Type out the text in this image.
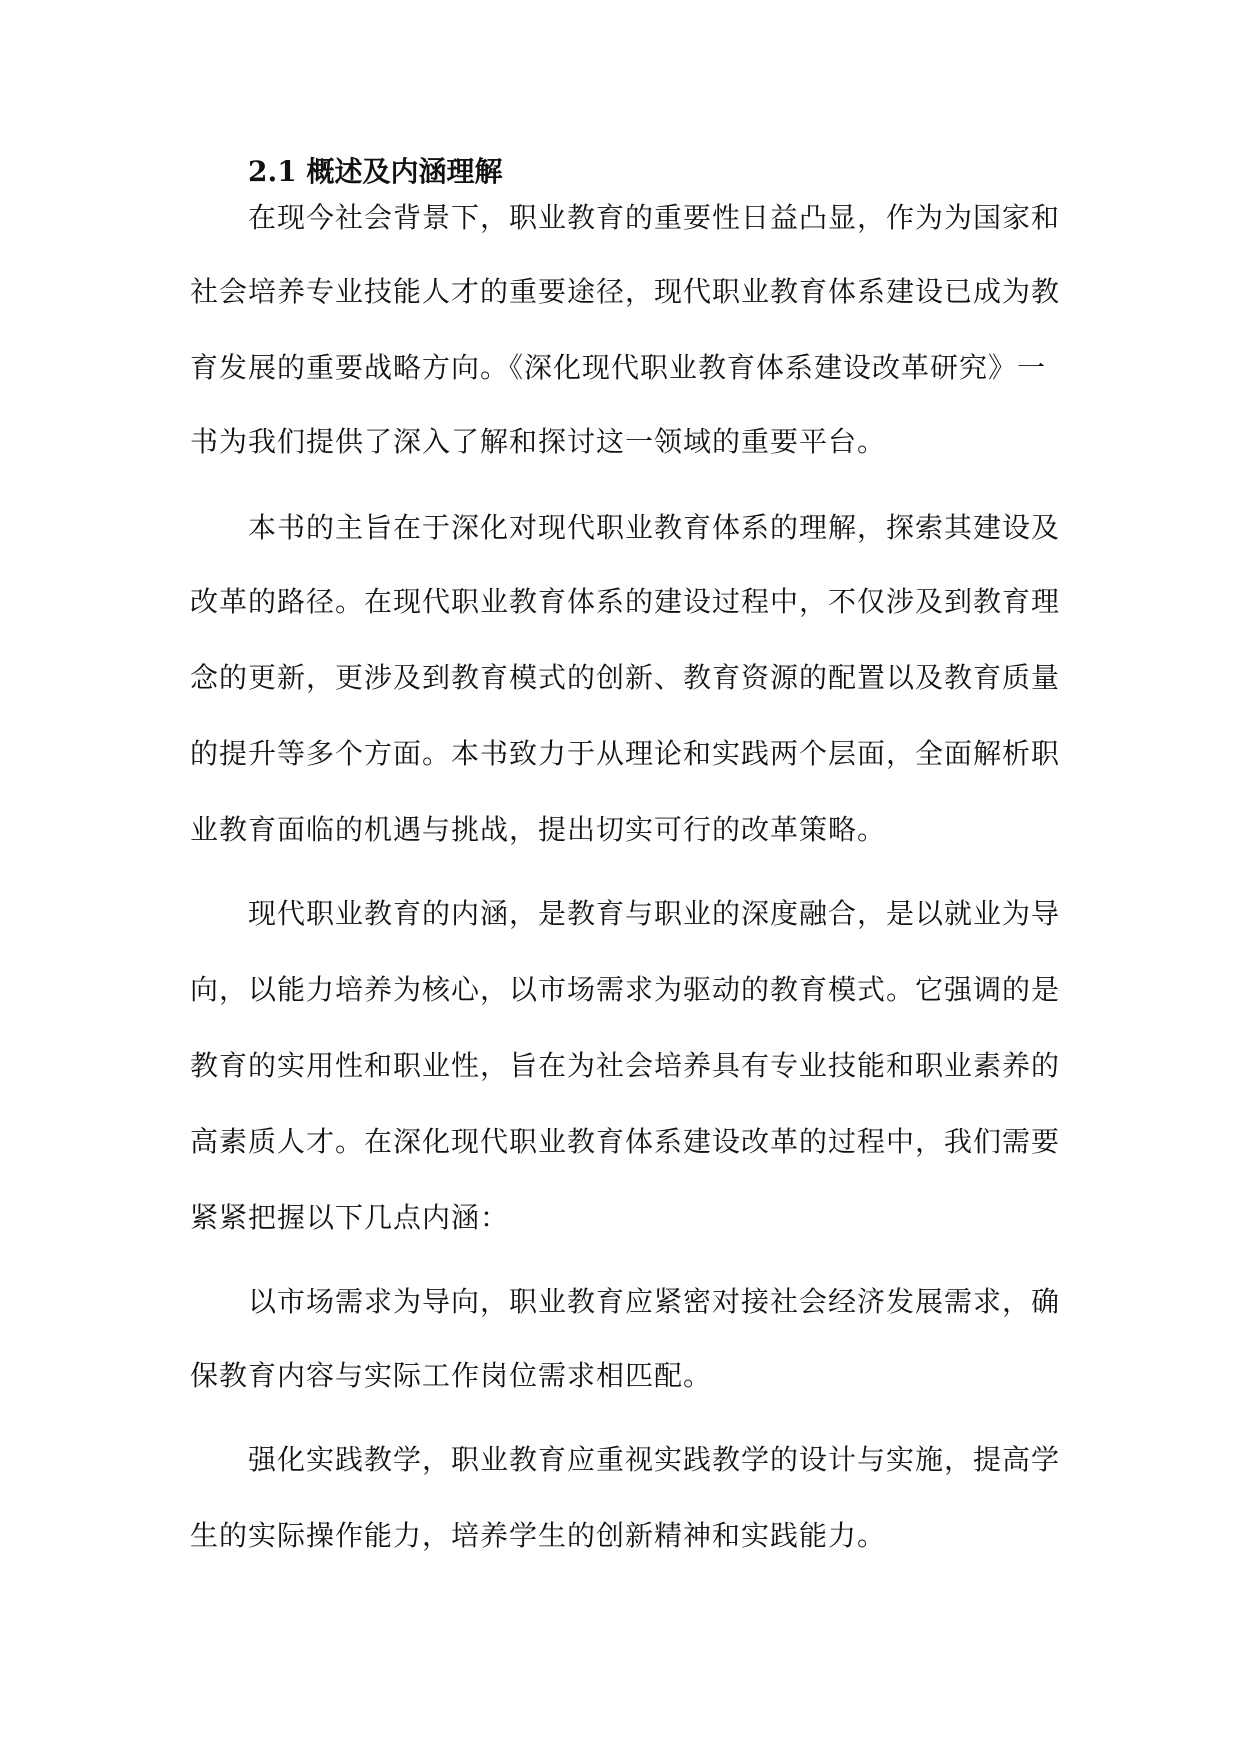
2.1 概述及内涵理解
在现今社会背景下，职业教育的重要性日益凸显，作为为国家和
社会培养专业技能人才的重要途径，现代职业教育体系建设已成为教
育发展的重要战略方向。《深化现代职业教育体系建设改革研究》一
书为我们提供了深入了解和探讨这一领域的重要平台。
本书的主旨在于深化对现代职业教育体系的理解，探索其建设及
改革的路径。在现代职业教育体系的建设过程中，不仅涉及到教育理
念的更新，更涉及到教育模式的创新、教育资源的配置以及教育质量
的提升等多个方面。本书致力于从理论和实践两个层面，全面解析职
业教育面临的机遇与挑战，提出切实可行的改革策略。
现代职业教育的内涵，是教育与职业的深度融合，是以就业为导
向，以能力培养为核心，以市场需求为驱动的教育模式。它强调的是
教育的实用性和职业性，旨在为社会培养具有专业技能和职业素养的
高素质人才。在深化现代职业教育体系建设改革的过程中，我们需要
紧紧把握以下几点内涵：
以市场需求为导向，职业教育应紧密对接社会经济发展需求，确
保教育内容与实际工作岗位需求相匹配。
强化实践教学，职业教育应重视实践教学的设计与实施，提高学
生的实际操作能力，培养学生的创新精神和实践能力。
